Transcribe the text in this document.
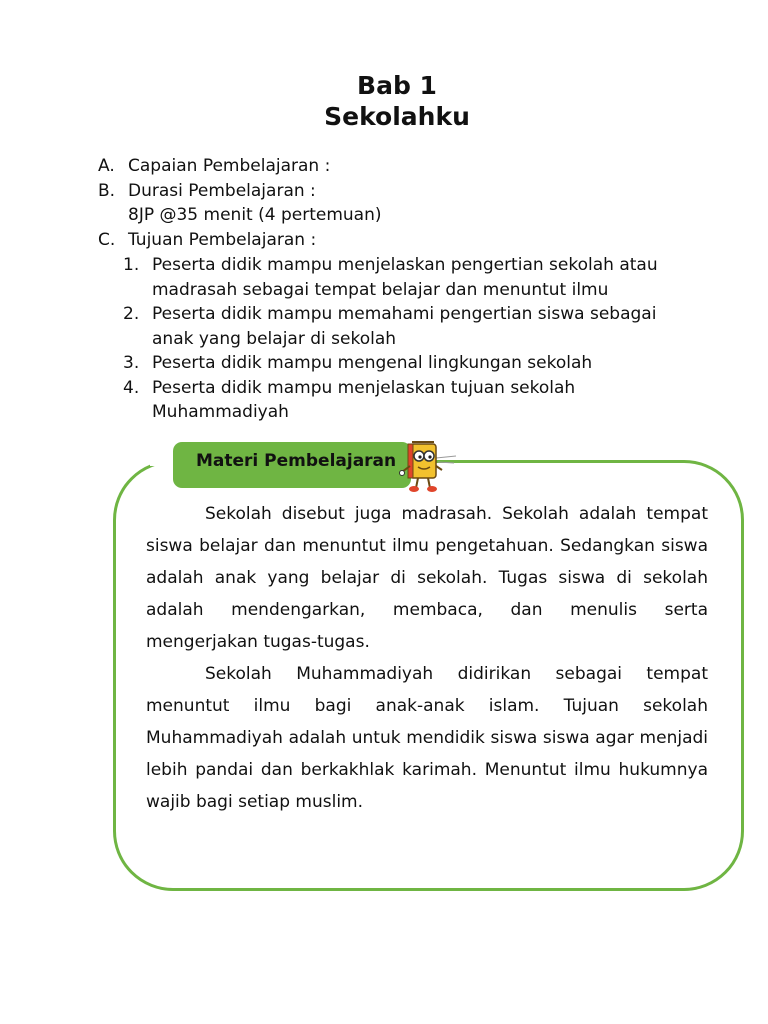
Bab 1
Sekolahku
A. Capaian Pembelajaran :
B. Durasi Pembelajaran :
8JP @35 menit (4 pertemuan)
C. Tujuan Pembelajaran :
1. Peserta didik mampu menjelaskan pengertian sekolah atau
madrasah sebagai tempat belajar dan menuntut ilmu
2. Peserta didik mampu memahami pengertian siswa sebagai
anak yang belajar di sekolah
3. Peserta didik mampu mengenal lingkungan sekolah
4. Peserta didik mampu menjelaskan tujuan sekolah
Muhammadiyah
Materi Pembelajaran
Sekolah disebut juga madrasah. Sekolah adalah tempat siswa belajar dan menuntut ilmu pengetahuan. Sedangkan siswa adalah anak yang belajar di sekolah. Tugas siswa di sekolah adalah mendengarkan, membaca, dan menulis serta mengerjakan tugas-tugas.
Sekolah Muhammadiyah didirikan sebagai tempat menuntut ilmu bagi anak-anak islam. Tujuan sekolah Muhammadiyah adalah untuk mendidik siswa siswa agar menjadi lebih pandai dan berkakhlak karimah. Menuntut ilmu hukumnya wajib bagi setiap muslim.
